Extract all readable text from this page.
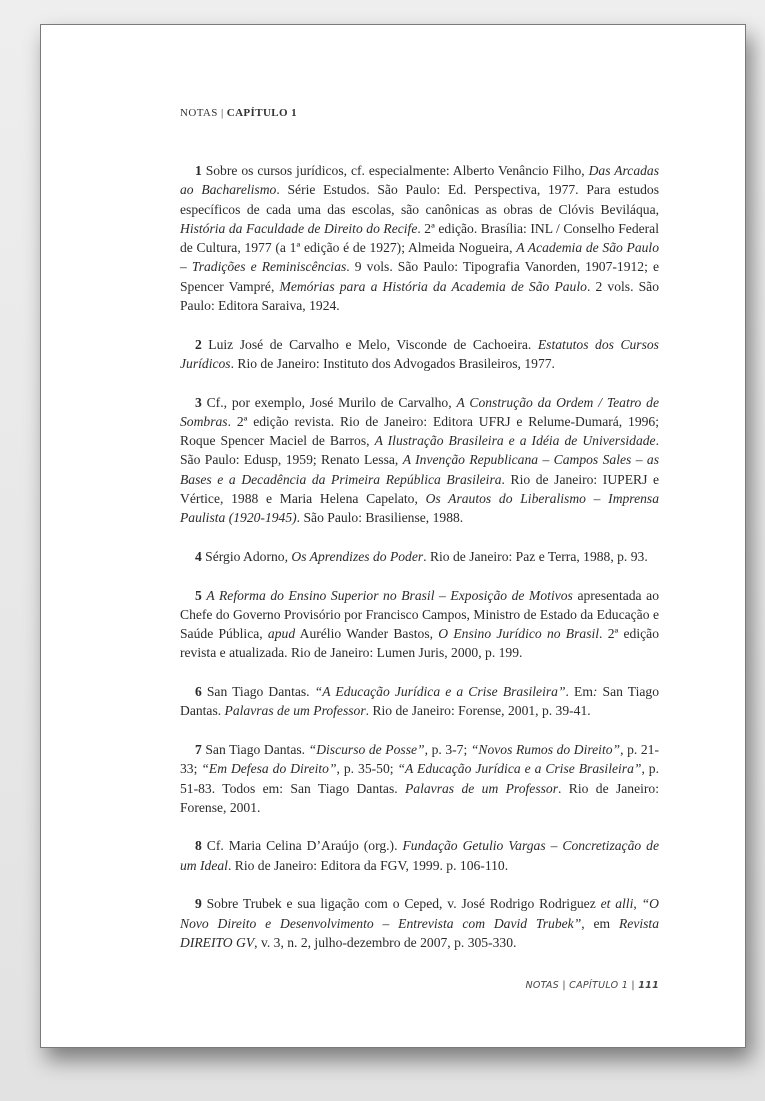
NOTAS | CAPÍTULO 1

1 Sobre os cursos jurídicos, cf. especialmente: Alberto Venâncio Filho, Das Arcadas ao Bacharelismo. Série Estudos. São Paulo: Ed. Perspectiva, 1977. Para estudos específicos de cada uma das escolas, são canônicas as obras de Clóvis Beviláqua, História da Faculdade de Direito do Recife. 2ª edição. Brasília: INL / Conselho Federal de Cultura, 1977 (a 1ª edição é de 1927); Almeida Nogueira, A Academia de São Paulo – Tradições e Reminiscências. 9 vols. São Paulo: Tipografia Vanorden, 1907-1912; e Spencer Vampré, Memórias para a História da Academia de São Paulo. 2 vols. São Paulo: Editora Saraiva, 1924.

2 Luiz José de Carvalho e Melo, Visconde de Cachoeira. Estatutos dos Cursos Jurídicos. Rio de Janeiro: Instituto dos Advogados Brasileiros, 1977.

3 Cf., por exemplo, José Murilo de Carvalho, A Construção da Ordem / Teatro de Sombras. 2ª edição revista. Rio de Janeiro: Editora UFRJ e Relume-Dumará, 1996; Roque Spencer Maciel de Barros, A Ilustração Brasileira e a Idéia de Universidade. São Paulo: Edusp, 1959; Renato Lessa, A Invenção Republicana – Campos Sales – as Bases e a Decadência da Primeira República Brasileira. Rio de Janeiro: IUPERJ e Vértice, 1988 e Maria Helena Capelato, Os Arautos do Liberalismo – Imprensa Paulista (1920-1945). São Paulo: Brasiliense, 1988.

4 Sérgio Adorno, Os Aprendizes do Poder. Rio de Janeiro: Paz e Terra, 1988, p. 93.

5 A Reforma do Ensino Superior no Brasil – Exposição de Motivos apresentada ao Chefe do Governo Provisório por Francisco Campos, Ministro de Estado da Educação e Saúde Pública, apud Aurélio Wander Bastos, O Ensino Jurídico no Brasil. 2ª edição revista e atualizada. Rio de Janeiro: Lumen Juris, 2000, p. 199.

6 San Tiago Dantas. “A Educação Jurídica e a Crise Brasileira”. Em: San Tiago Dantas. Palavras de um Professor. Rio de Janeiro: Forense, 2001, p. 39-41.

7 San Tiago Dantas. “Discurso de Posse”, p. 3-7; “Novos Rumos do Direito”, p. 21-33; “Em Defesa do Direito”, p. 35-50; “A Educação Jurídica e a Crise Brasileira”, p. 51-83. Todos em: San Tiago Dantas. Palavras de um Professor. Rio de Janeiro: Forense, 2001.

8 Cf. Maria Celina D’Araújo (org.). Fundação Getulio Vargas – Concretização de um Ideal. Rio de Janeiro: Editora da FGV, 1999. p. 106-110.

9 Sobre Trubek e sua ligação com o Ceped, v. José Rodrigo Rodriguez et alli, “O Novo Direito e Desenvolvimento – Entrevista com David Trubek”, em Revista DIREITO GV, v. 3, n. 2, julho-dezembro de 2007, p. 305-330.

NOTAS | CAPÍTULO 1 | 111
